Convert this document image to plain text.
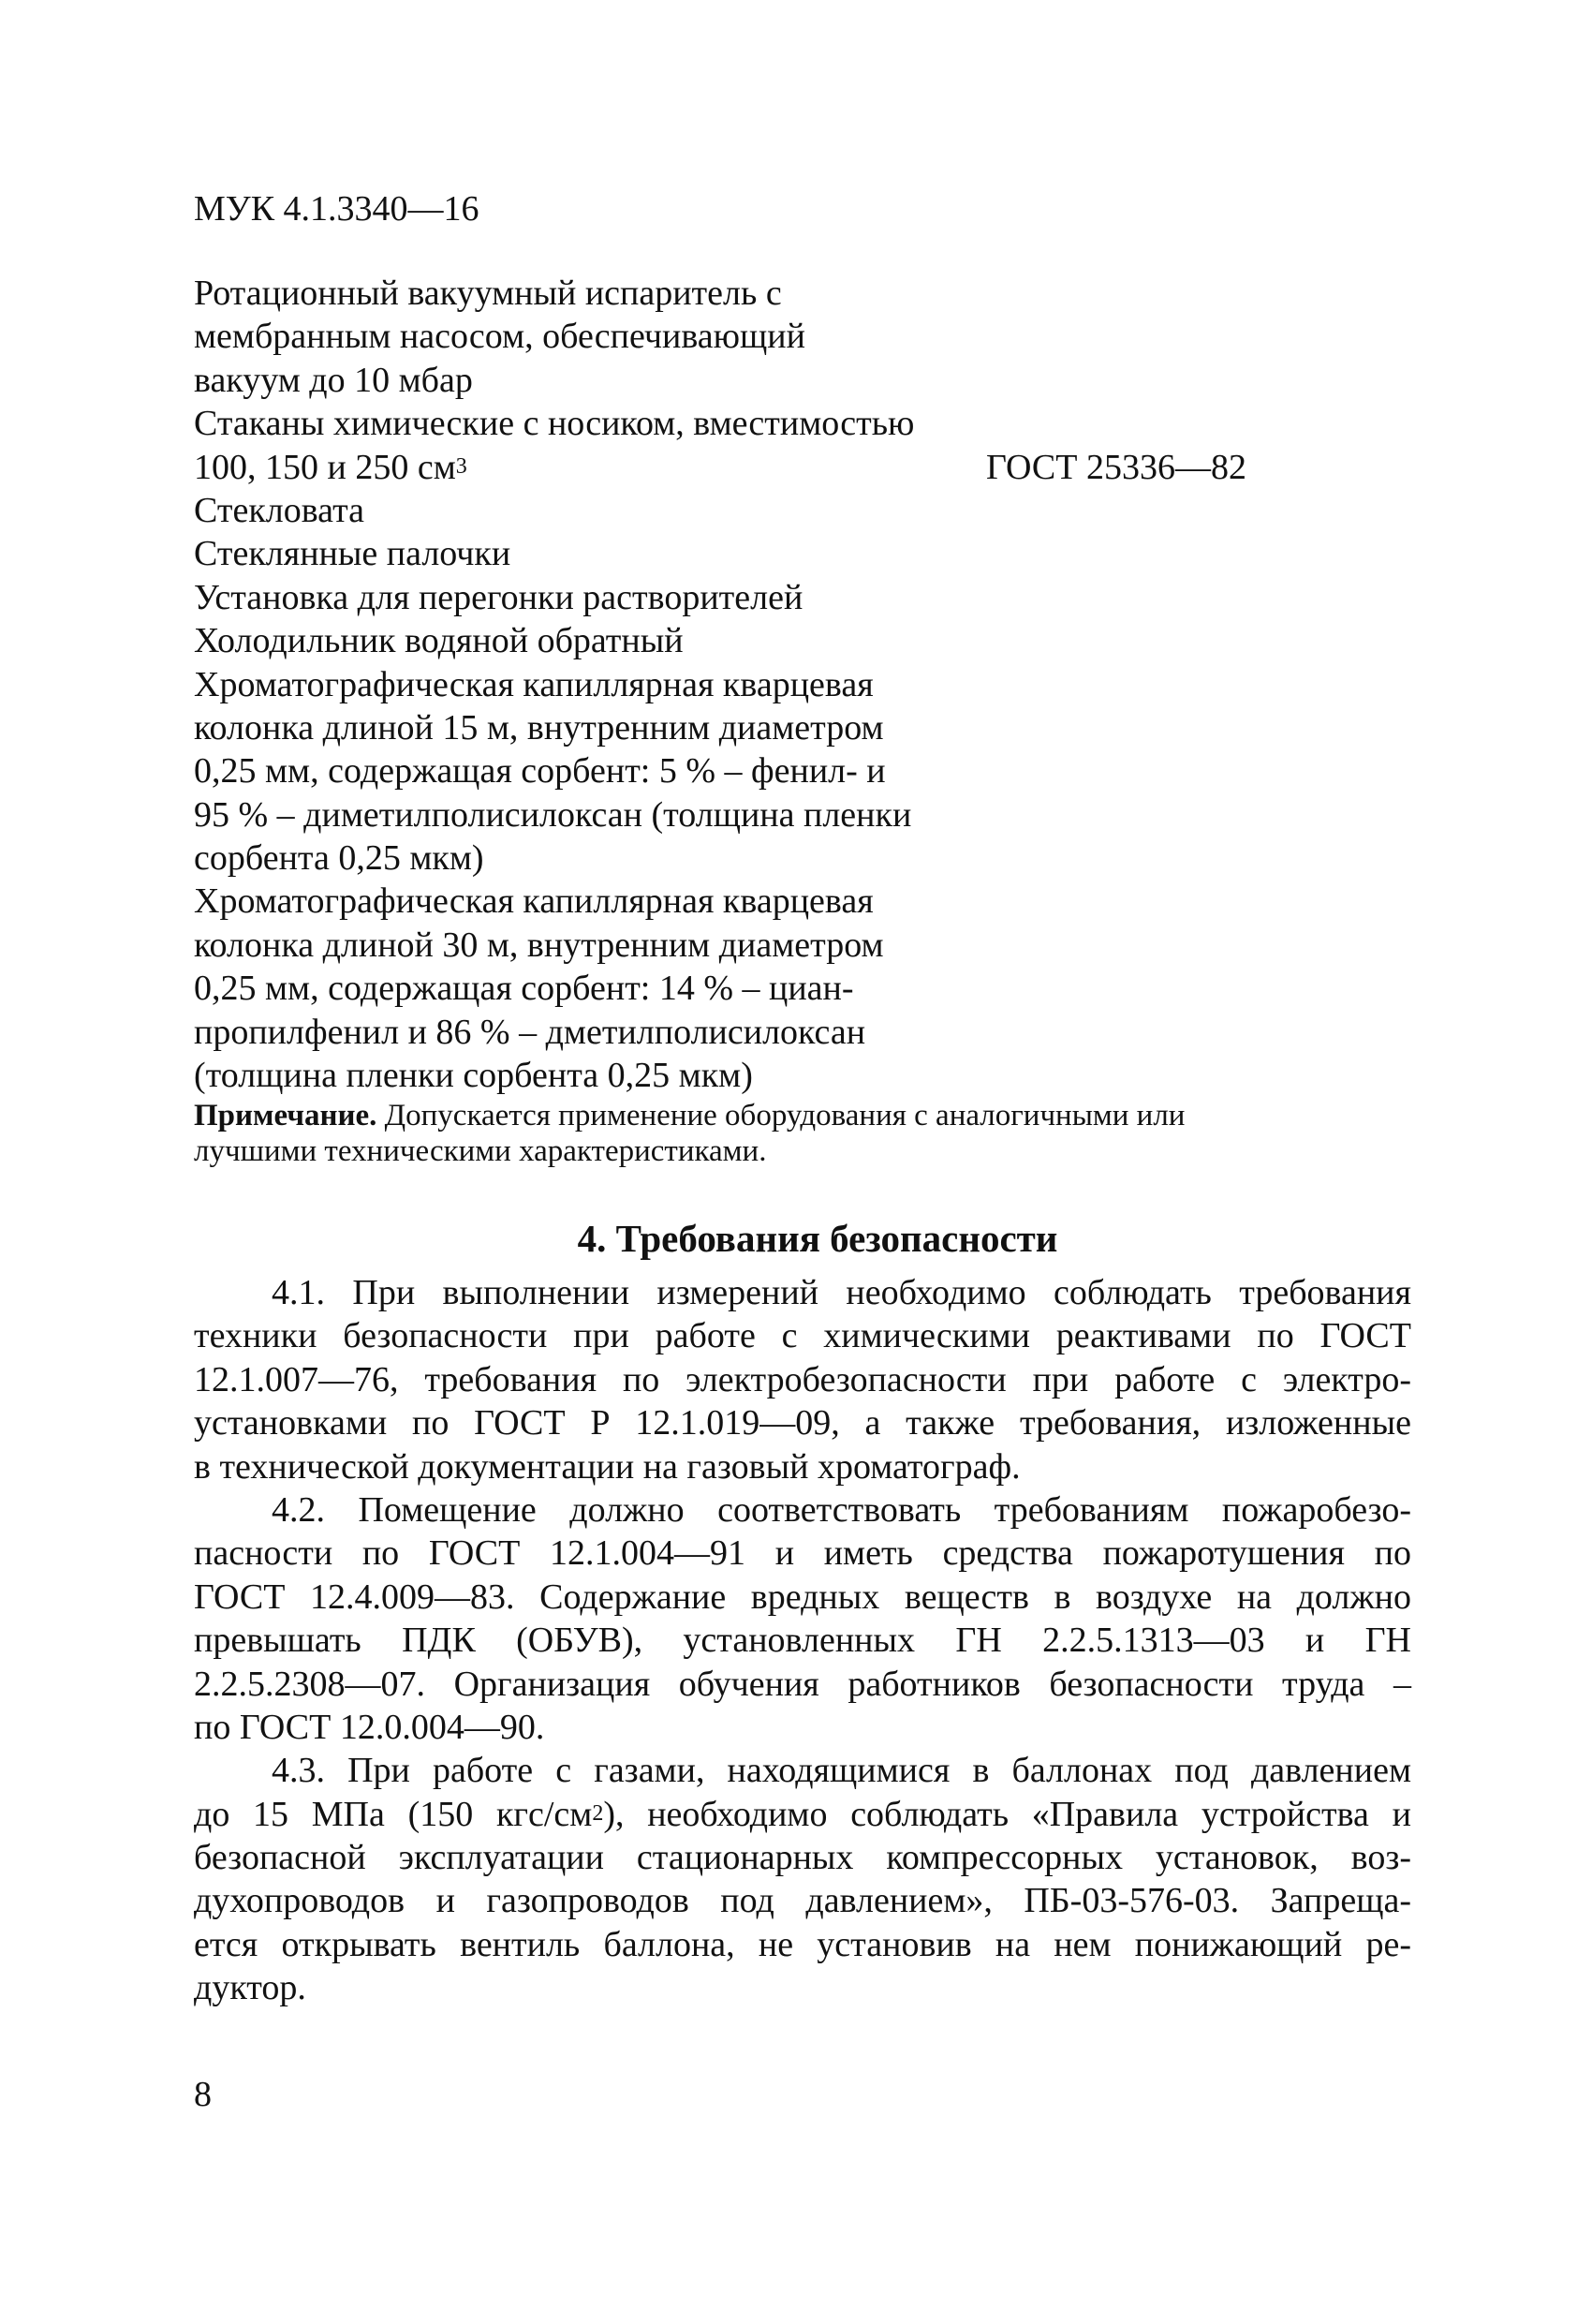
МУК 4.1.3340—16
Ротационный вакуумный испаритель с
мембранным насосом, обеспечивающий
вакуум до 10 мбар
Стаканы химические с носиком, вместимостью
100, 150 и 250 $см^3$	ГОСТ 25336—82
Стекловата
Стеклянные палочки
Установка для перегонки растворителей
Холодильник водяной обратный
Хроматографическая капиллярная кварцевая
колонка длиной 15 м, внутренним диаметром
0,25 мм, содержащая сорбент: 5 % – фенил- и
95 % – диметилполисилоксан (толщина пленки
сорбента 0,25 мкм)
Хроматографическая капиллярная кварцевая
колонка длиной 30 м, внутренним диаметром
0,25 мм, содержащая сорбент: 14 % – циан-
пропилфенил и 86 % – дметилполисилоксан
(толщина пленки сорбента 0,25 мкм)
Примечание. Допускается применение оборудования с аналогичными или
лучшими техническими характеристиками.
4. Требования безопасности
4.1. При выполнении измерений необходимо соблюдать требования
техники безопасности при работе с химическими реактивами по ГОСТ
12.1.007—76, требования по электробезопасности при работе с электро-
установками по ГОСТ Р 12.1.019—09, а также требования, изложенные
в технической документации на газовый хроматограф.
4.2. Помещение должно соответствовать требованиям пожаробезо-
пасности по ГОСТ 12.1.004—91 и иметь средства пожаротушения по
ГОСТ 12.4.009—83. Содержание вредных веществ в воздухе на должно
превышать ПДК (ОБУВ), установленных ГН 2.2.5.1313—03 и ГН
2.2.5.2308—07. Организация обучения работников безопасности труда –
по ГОСТ 12.0.004—90.
4.3. При работе с газами, находящимися в баллонах под давлением
до 15 МПа (150 кгс/$см^2$), необходимо соблюдать «Правила устройства и
безопасной эксплуатации стационарных компрессорных установок, воз-
духопроводов и газопроводов под давлением», ПБ-03-576-03. Запреща-
ется открывать вентиль баллона, не установив на нем понижающий ре-
дуктор.
8
